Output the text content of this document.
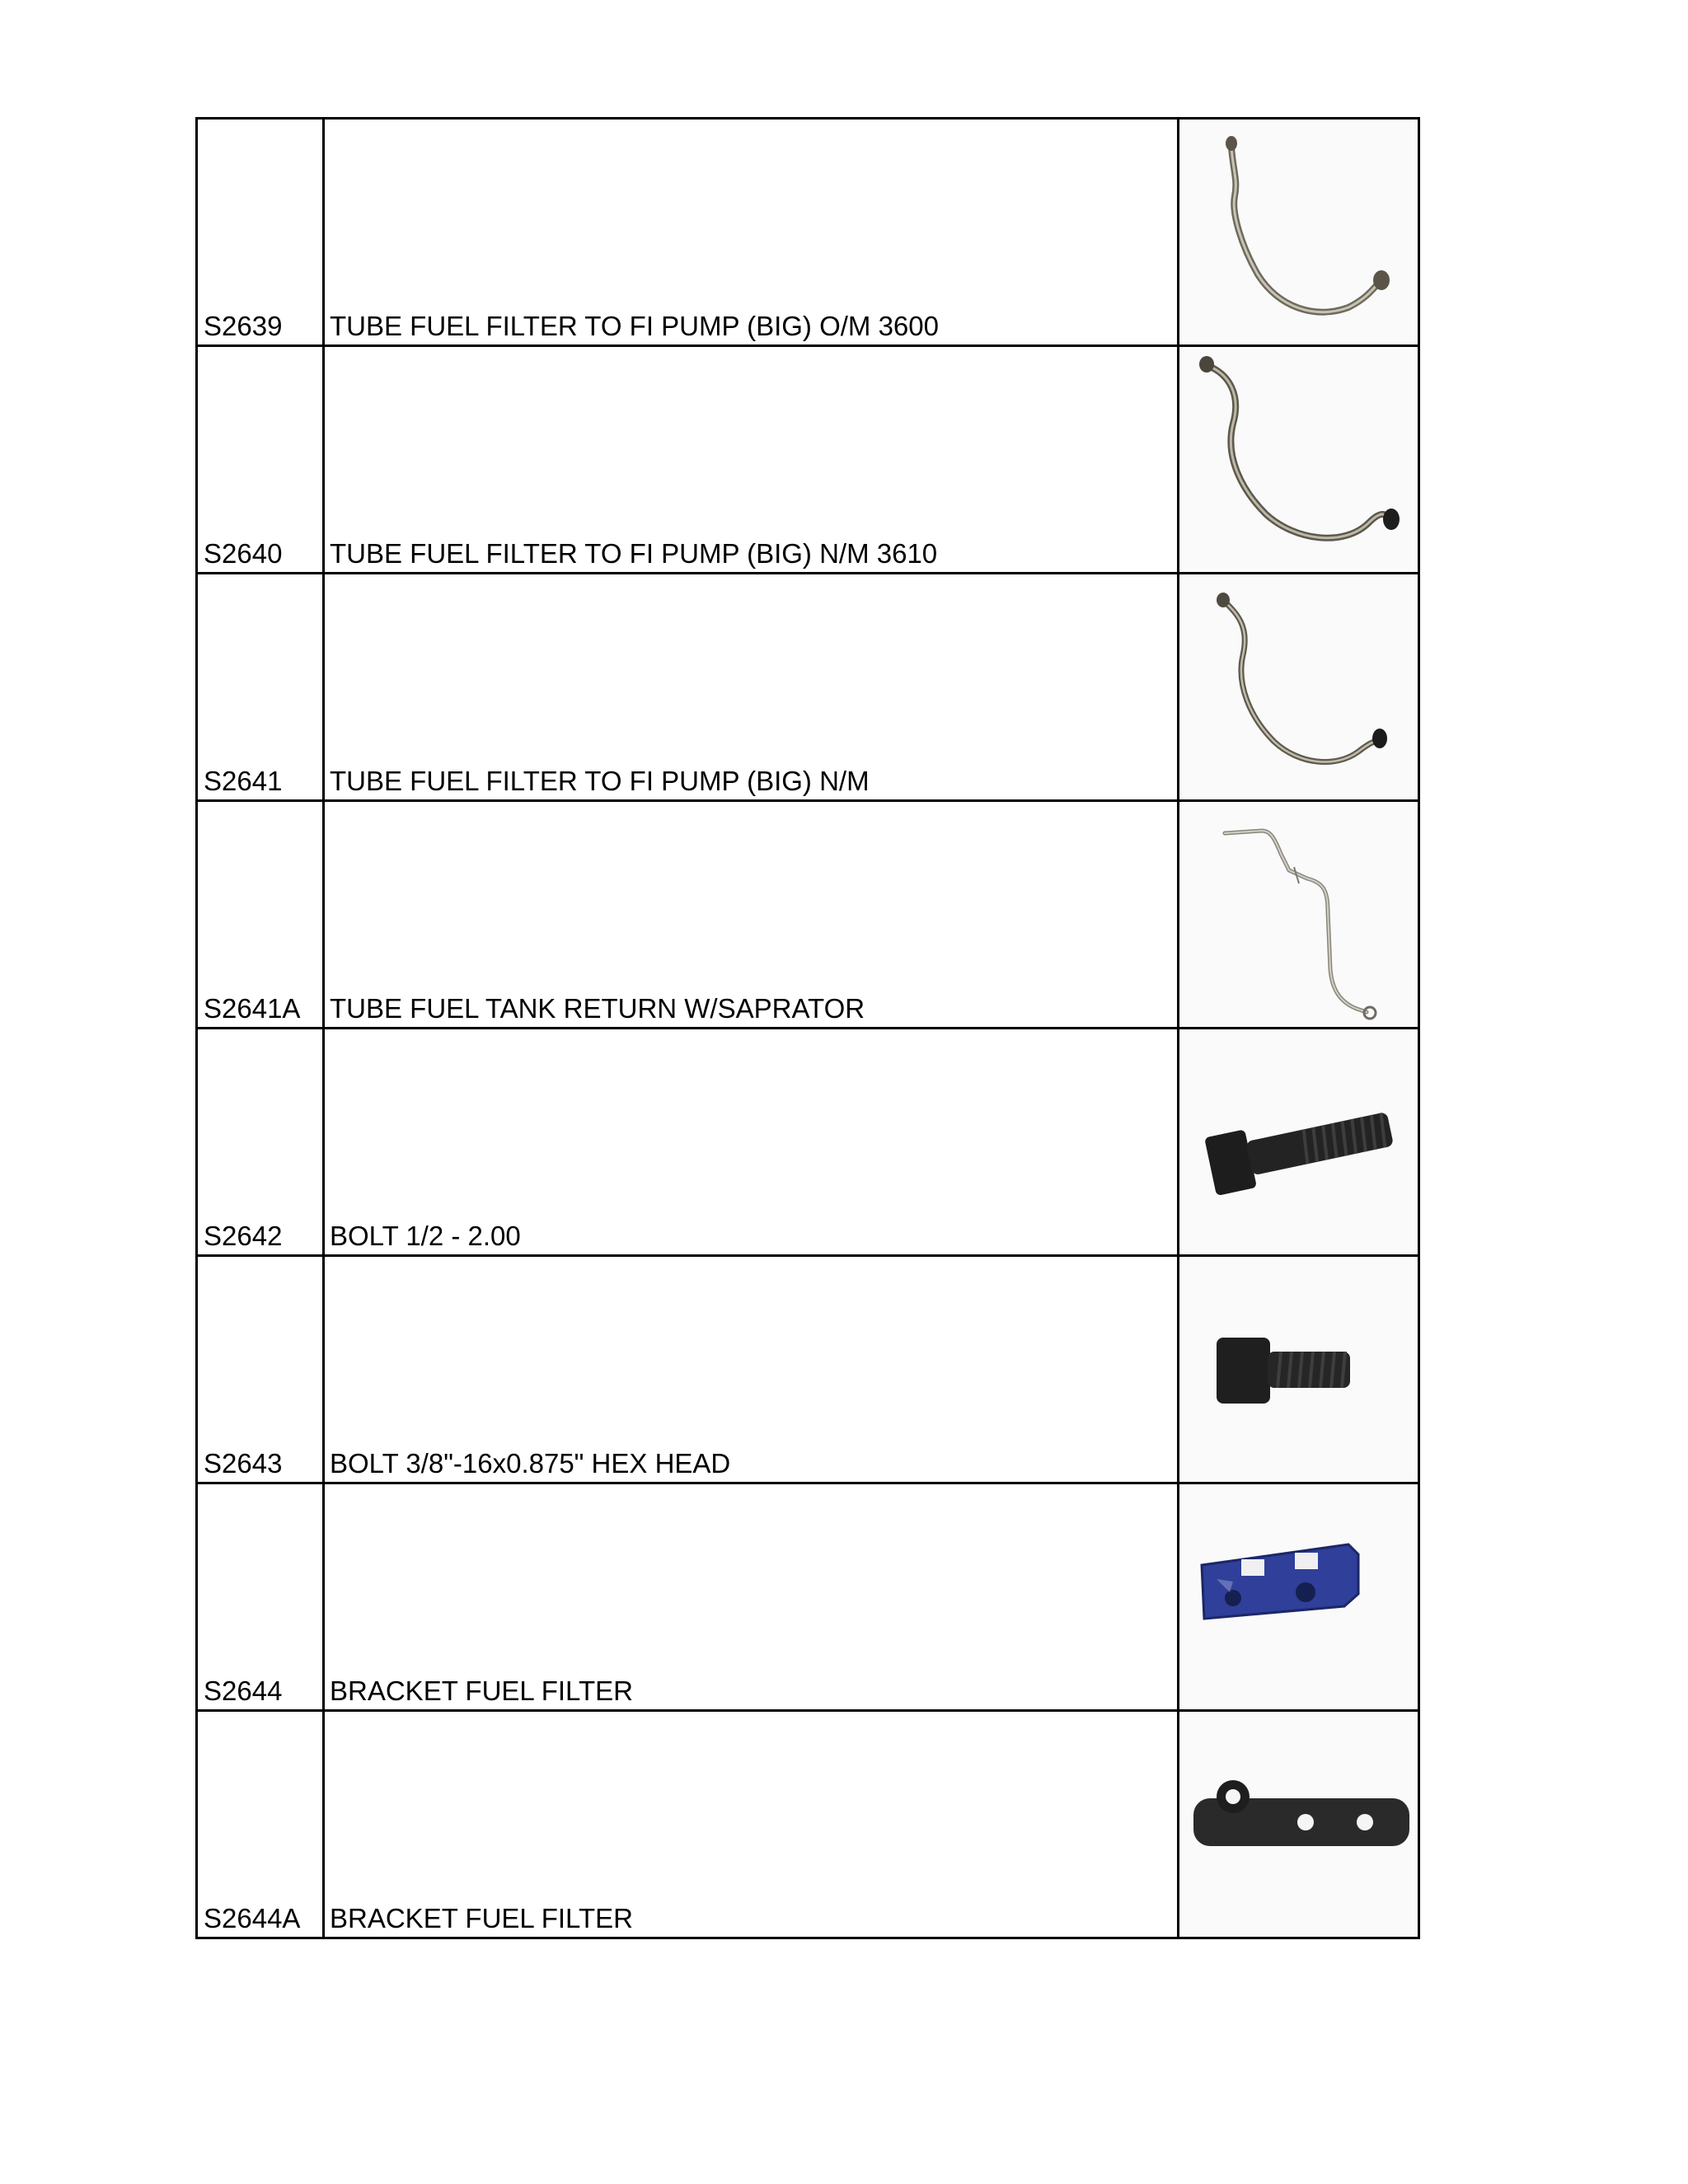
S2639	TUBE FUEL FILTER TO FI PUMP (BIG) O/M 3600	

S2640	TUBE FUEL FILTER TO FI PUMP (BIG) N/M 3610	

S2641	TUBE FUEL FILTER TO FI PUMP (BIG) N/M	

S2641A	TUBE FUEL TANK RETURN W/SAPRATOR	

S2642	BOLT 1/2 - 2.00	

S2643	BOLT 3/8"-16x0.875" HEX HEAD	

S2644	BRACKET FUEL FILTER	

S2644A	BRACKET FUEL FILTER	
